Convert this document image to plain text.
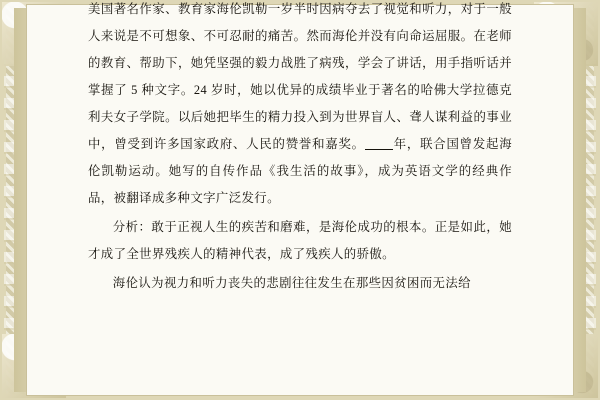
美国著名作家、教育家海伦凯勒一岁半时因病夺去了视觉和听力，对于一般人来说是不可想象、不可忍耐的痛苦。然而海伦并没有向命运屈服。在老师的教育、帮助下，她凭坚强的毅力战胜了病残，学会了讲话，用手指听话并掌握了 5 种文字。24 岁时，她以优异的成绩毕业于著名的哈佛大学拉德克利夫女子学院。以后她把毕生的精力投入到为世界盲人、聋人谋利益的事业中，曾受到许多国家政府、人民的赞誉和嘉奖。 年，联合国曾发起海伦凯勒运动。她写的自传作品《我生活的故事》，成为英语文学的经典作品，被翻译成多种文字广泛发行。

分析：敢于正视人生的疾苦和磨难，是海伦成功的根本。正是如此，她才成了全世界残疾人的精神代表，成了残疾人的骄傲。

海伦认为视力和听力丧失的悲剧往往发生在那些因贫困而无法给
